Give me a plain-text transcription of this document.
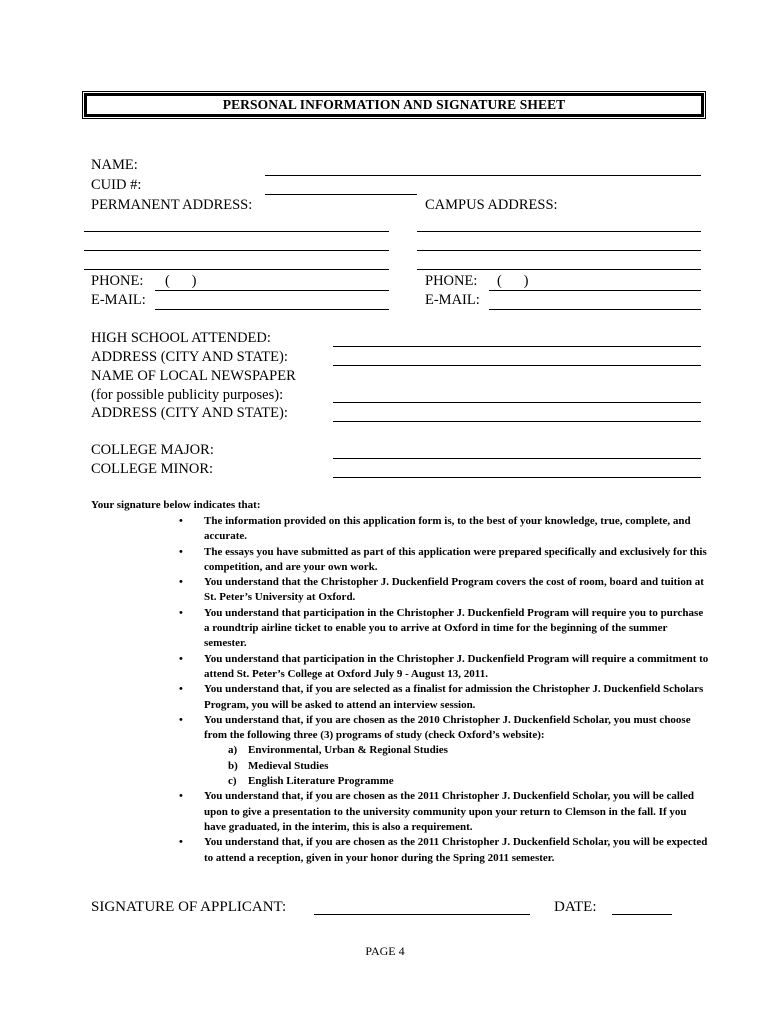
PERSONAL INFORMATION AND SIGNATURE SHEET
NAME:
CUID #:
PERMANENT ADDRESS:	CAMPUS ADDRESS:
PHONE: (      )
E-MAIL:
PHONE: (      )
E-MAIL:
HIGH SCHOOL ATTENDED:
ADDRESS (CITY AND STATE):
NAME OF LOCAL NEWSPAPER
(for possible publicity purposes):
ADDRESS (CITY AND STATE):
COLLEGE MAJOR:
COLLEGE MINOR:
Your signature below indicates that:
• The information provided on this application form is, to the best of your knowledge, true, complete, and accurate.
• The essays you have submitted as part of this application were prepared specifically and exclusively for this competition, and are your own work.
• You understand that the Christopher J. Duckenfield Program covers the cost of room, board and tuition at St. Peter’s University at Oxford.
• You understand that participation in the Christopher J. Duckenfield Program will require you to purchase a roundtrip airline ticket to enable you to arrive at Oxford in time for the beginning of the summer semester.
• You understand that participation in the Christopher J. Duckenfield Program will require a commitment to attend St. Peter’s College at Oxford July 9 - August 13, 2011.
• You understand that, if you are selected as a finalist for admission the Christopher J. Duckenfield Scholars Program, you will be asked to attend an interview session.
• You understand that, if you are chosen as the 2010 Christopher J. Duckenfield Scholar, you must choose from the following three (3) programs of study (check Oxford’s website):
a) Environmental, Urban & Regional Studies
b) Medieval Studies
c) English Literature Programme
• You understand that, if you are chosen as the 2011 Christopher J. Duckenfield Scholar, you will be called upon to give a presentation to the university community upon your return to Clemson in the fall. If you have graduated, in the interim, this is also a requirement.
• You understand that, if you are chosen as the 2011 Christopher J. Duckenfield Scholar, you will be expected to attend a reception, given in your honor during the Spring 2011 semester.
SIGNATURE OF APPLICANT:	DATE:
PAGE 4
